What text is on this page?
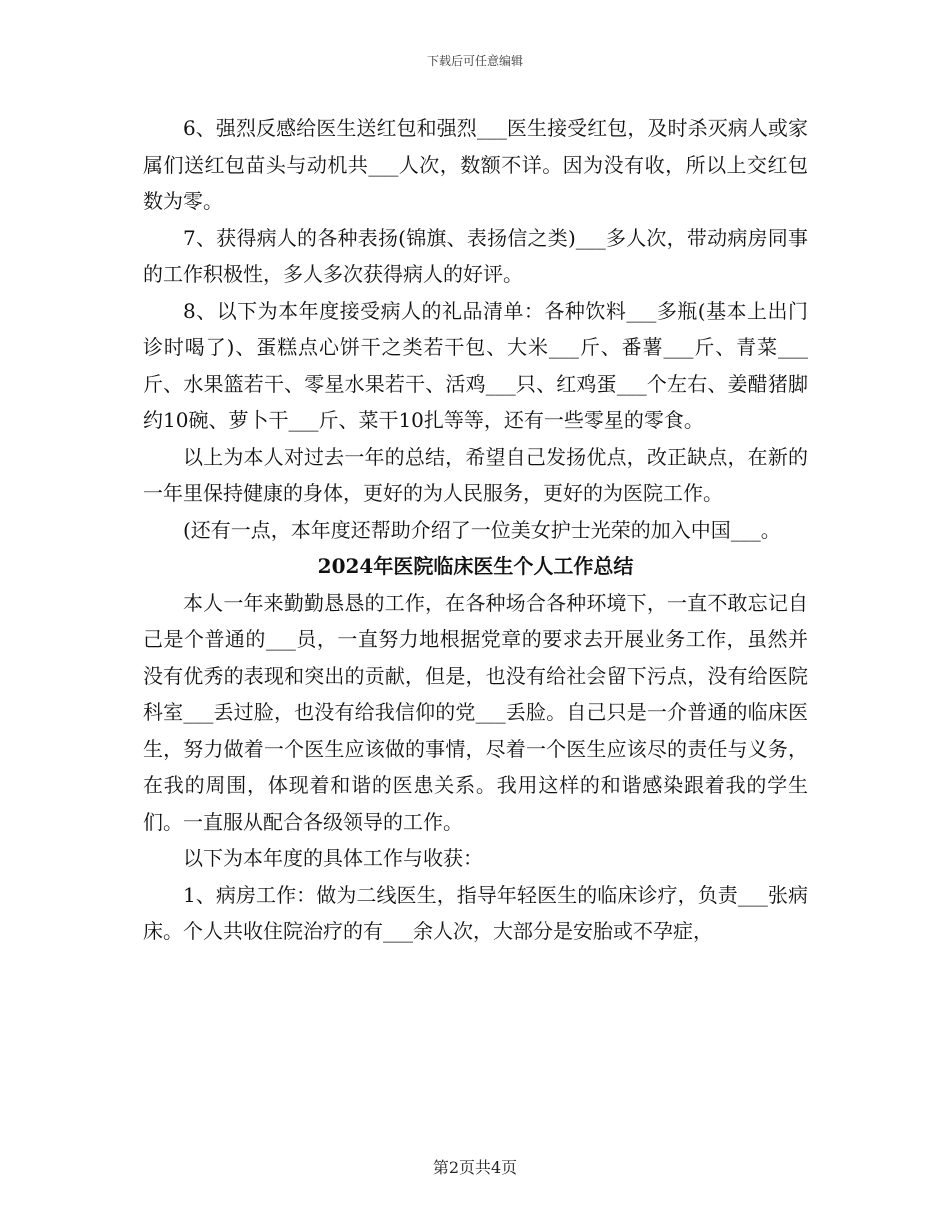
下载后可任意编辑

6、强烈反感给医生送红包和强烈___医生接受红包，及时杀灭病人或家属们送红包苗头与动机共___人次，数额不详。因为没有收，所以上交红包数为零。

7、获得病人的各种表扬(锦旗、表扬信之类)___多人次，带动病房同事的工作积极性，多人多次获得病人的好评。

8、以下为本年度接受病人的礼品清单：各种饮料___多瓶(基本上出门诊时喝了)、蛋糕点心饼干之类若干包、大米___斤、番薯___斤、青菜___斤、水果篮若干、零星水果若干、活鸡___只、红鸡蛋___个左右、姜醋猪脚约10碗、萝卜干___斤、菜干10扎等等，还有一些零星的零食。

以上为本人对过去一年的总结，希望自己发扬优点，改正缺点，在新的一年里保持健康的身体，更好的为人民服务，更好的为医院工作。

(还有一点，本年度还帮助介绍了一位美女护士光荣的加入中国___。

2024年医院临床医生个人工作总结

本人一年来勤勤恳恳的工作，在各种场合各种环境下，一直不敢忘记自己是个普通的___员，一直努力地根据党章的要求去开展业务工作，虽然并没有优秀的表现和突出的贡献，但是，也没有给社会留下污点，没有给医院科室___丢过脸，也没有给我信仰的党___丢脸。自己只是一介普通的临床医生，努力做着一个医生应该做的事情，尽着一个医生应该尽的责任与义务，在我的周围，体现着和谐的医患关系。我用这样的和谐感染跟着我的学生们。一直服从配合各级领导的工作。

以下为本年度的具体工作与收获：

1、病房工作：做为二线医生，指导年轻医生的临床诊疗，负责___张病床。个人共收住院治疗的有___余人次，大部分是安胎或不孕症，

第2页共4页
